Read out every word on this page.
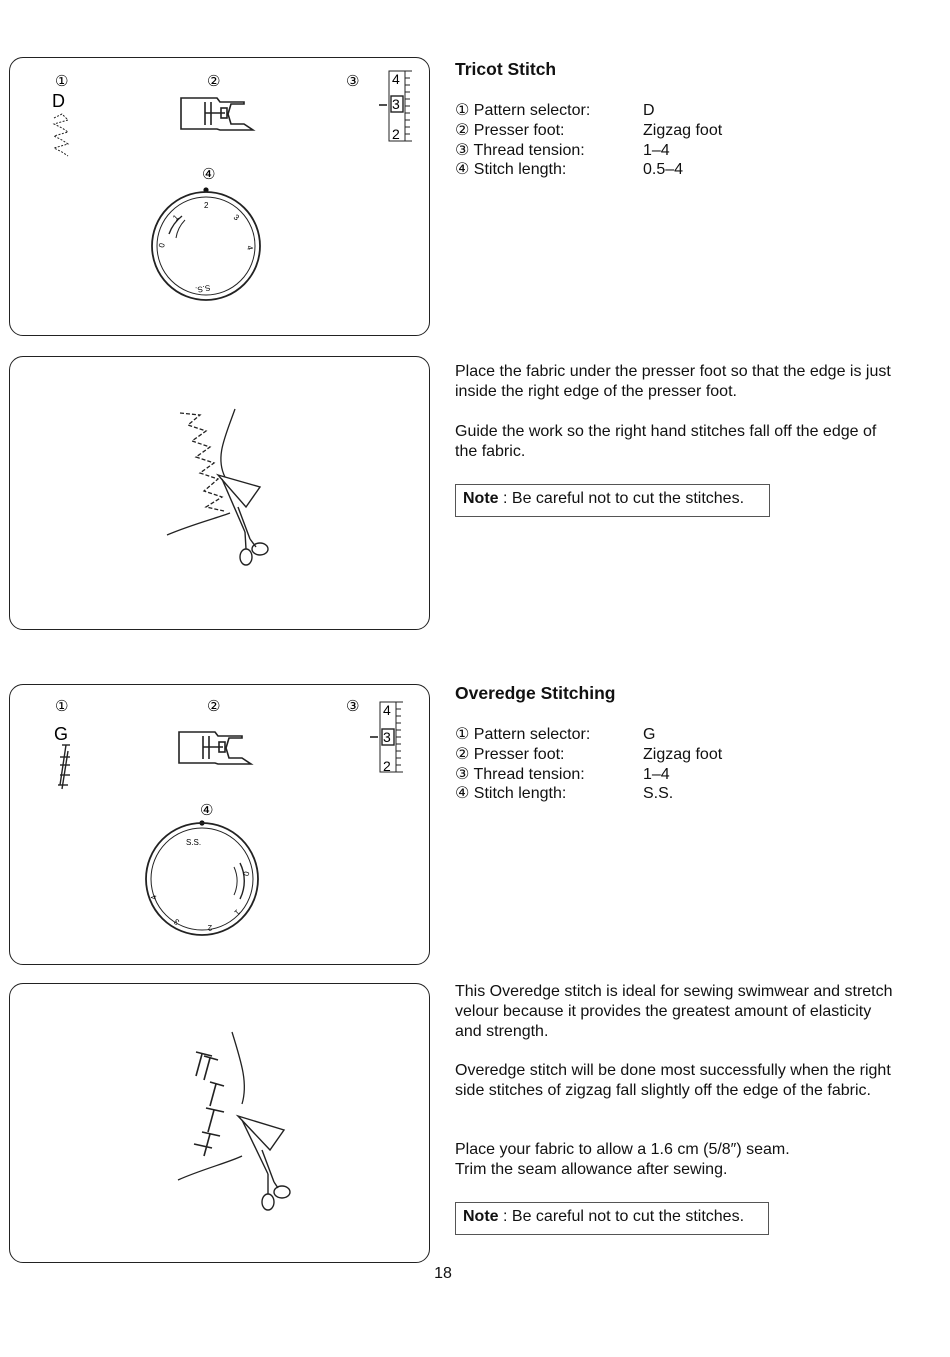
①	②	③
④
D
4
3
2
0
1
2
3
4
S.S.
Tricot Stitch
① Pattern selector:	D
② Presser foot:	Zigzag foot
③ Thread tension:	1–4
④ Stitch length:	0.5–4
Place the fabric under the presser foot so that the edge is just inside the right edge of the presser foot.
Guide the work so the right hand stitches fall off the edge of the fabric.
Note : Be careful not to cut the stitches.
①	②	③
④
G
4
3
2
S.S.
0
1
2
3
4
Overedge Stitching
① Pattern selector:	G
② Presser foot:	Zigzag foot
③ Thread tension:	1–4
④ Stitch length:	S.S.
This Overedge stitch is ideal for sewing swimwear and stretch velour because it provides the greatest amount of elasticity and strength.
Overedge stitch will be done most successfully when the right side stitches of zigzag fall slightly off the edge of the fabric.
Place your fabric to allow a 1.6 cm (5/8″) seam.
Trim the seam allowance after sewing.
Note : Be careful not to cut the stitches.
18
